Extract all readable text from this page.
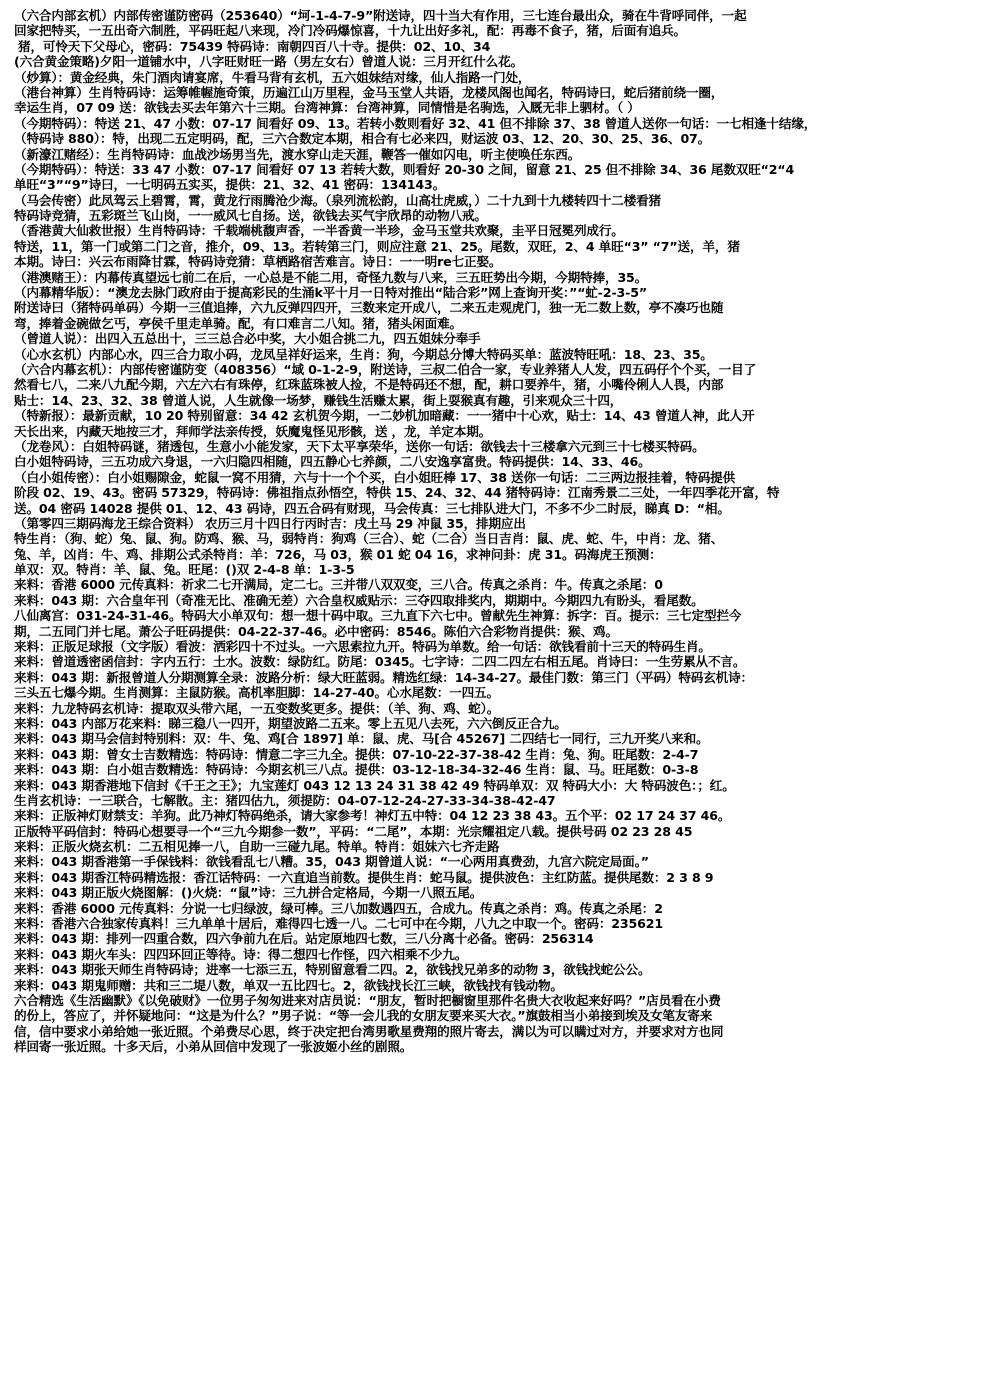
（六合内部玄机）内部传密谨防密码（253640）“坷-1-4-7-9”附送诗，四十当大有作用，三七连台最出众，骑在牛背呼同伴，一起
回家把特买，一五出奇六制胜，平码旺起八来现，冷门冷码爆惊喜，十九让出好多礼，配：再毒不食子，猪，后面有追兵。
猪，可怜天下父母心，密码：75439 特码诗：南朝四百八十寺。提供：02、10、34
(六合黄金策略)夕阳一道铺水中，八字旺财旺一路（男左女右）曾道人说：三月开红什么花。
（炒算）：黄金经典，朱门酒肉请宴席，牛看马背有玄机，五六姐妹结对缘，仙人指路一门处，
（港台神算）生肖特码诗：运筹帷幄施奇策，历遍江山万里程，金马玉堂人共语，龙楼凤阁也闻名，特码诗曰，蛇后猪前绕一圈，
幸运生肖，07 09 送：欲钱去买去年第六十三期。台湾神算：台湾神算，同情惜是名驹选，入厩无非上驷材。（ ）
（今期特码）：特送 21、47 小数：07-17 间看好 09、13。若转小数则看好 32、41 但不排除 37、38 曾道人送你一句话：一七相逢十结缘，
（特码诗 880）：特，出现二五定明码，配，三六合数定本期，相合有七必来四，财运波 03、12、20、30、25、36、07。
（新濠江赌经）：生肖特码诗：血战沙场男当先，渡水穿山走天涯，鞭答一催如闪电，听主使唤任东西。
（今期特码）：特送：33 47 小数：07-17 间看好 07 13 若转大数，则看好 20-30 之间，留意 21、25 但不排除 34、36 尾数双旺“2“4
单旺“3”“9”诗曰，一七明码五实买，提供：21、32、41 密码：134143。
（马会传密）此凤驾云上碧霄，霄，黄龙行雨腾沧少海。（泉列流松韵，山高壮虎威，）二十九到十九楼转四十二楼看猪
特码诗竞猜，五彩斑兰飞山岗，一一威风七自扬。送，欲钱去买气宇欣昂的动物八戒。
（香港黄大仙救世报）生肖特码诗：千载端桃馥声香，一半香黄一半珍，金马玉堂共欢聚，圭平日冠冕列成行。
特送，11，第一门或第二门之音，推介，09、13。若转第三门，则应注意 21、25。尾数，双旺，2、4 单旺“3” “7”送，羊，猪
本期。诗曰：兴云布雨降甘霖，特码诗竞猜：草栖路宿苦难言。诗日：一一明re七正娶。
（港澳赌王）：内幕传真望远七前二在后，一心总是不能二用，奇怪九数与八来，三五旺势出今期，今期特捧，35。
（内幕精华版）：“澳龙去脉门政府由于提高彩民的生涌k平十月一日特对推出“陆合彩”网上查询开奖：”“虻-2-3-5”
附送诗曰（猪特码单码）今期一三值追捧，六九反弹四四开，三数来定开成八，二来五走观虎门，独一无二数上数，亭不凑巧也随
弯，捧着金碗做乞丐，亭侯千里走单骑。配，有口难言二八知。猪，猪头闲面难。
（曾道人说）：出四入五总出十，三三总合必中奖，大小姐合挑二九，四五姐妹分奉手
（心水玄机）内部心水，四三合力取小码，龙凤呈祥好运来，生肖：狗，今期总分博大特码买单：蓝波特旺吼：18、23、35。
（六合内幕玄机）：内部传密谨防变（408356）“域 0-1-2-9，附送诗，三叔二伯合一家，专业养猪人人发，四五码仔个个买，一目了
然看七八，二来八九配今期，六左六右有珠停，红珠蓝珠被人捡，不是特码还不想，配，耕口要养牛，猪，小嘴伶俐人人畏，内部
贴士：14、23、32、38 曾道人说，人生就像一场梦，赚钱生活赚太累，街上耍猴真有趣，引来观众三十四，
（特新报）：最新贡献，10 20 特别留意：34 42 玄机贺今期，一二妙机加暗藏：一一猪中十心欢，贴士：14、43 曾道人神，此人开
天长出来，内藏天地按三才，拜师学法亲传授，妖魔鬼怪见形骸，送 ，龙，羊定本期。
（龙卷风）：白姐特码谜，猪透包，生意小小能发家，天下太平享荣华，送你一句话：欲钱去十三楼拿六元到三十七楼买特码。
白小姐特码诗，三五功成六身退，一六归隐四相随，四五静心七养颜，二八安逸享富贵。特码提供：14、33、46。
（白小姐传密）：白小姐赐隙金，蛇鼠一窝不用猜，六与十一个个买，白小姐旺棒 17、38 送你一句话：二三两边报挂着，特码提供
阶段 02、19、43。密码 57329，特码诗：佛祖指点孙悟空，特供 15、24、32、44 猪特码诗：江南秀景二三处，一年四季花开富，特
送。04 密码 14028 提供 01、12、43 码诗，四五合码有财现，马会传真：三七排队进大门，不多不少二时辰，睇真 D：“相。
（第零四三期码海龙王综合资料） 农历三月十四日行丙时吉：戌土马 29 冲鼠 35，排期应出
特生肖：（狗、蛇）兔、鼠、狗。防鸡、猴、马，弱特肖：狗鸡（三合）、蛇（二合）当日吉肖：鼠、虎、蛇、牛，中肖：龙、猪、
兔、羊，凶肖：牛、鸡、排期公式杀特肖：羊：726，马 03，猴 01 蛇 04 16，求神问卦：虎 31。码海虎王预测：
单双：双。特肖：羊、鼠、兔。旺尾：()双 2-4-8 单：1-3-5
来料：香港 6000 元传真料：祈求二七开满局，定二七。三并带八双双变，三八合。传真之杀肖：牛。传真之杀尾：0
来料：043 期：六合皇年刊（奇准无比、准确无差）六合皇权威贴示：三夺四取排奖内，期期中。今期四九有盼头，看尾数。
八仙离宫：031-24-31-46。特码大小单双句：想一想十码中取。三九直下六七中。曾献先生神算：拆字：百。提示：三七定型拦今
期，二五同门并七尾。萧公子旺码提供：04-22-37-46。必中密码：8546。陈伯六合彩物肖提供：猴、鸡。
来料：正版足球报（文字版）看波：洒彩四十不过头。一六思索拉九开。特码为单数。给一句话：欲钱看前十三天的特码生肖。
来料：曾道透密函信封：字内五行：土水。波数：绿防红。防尾：0345。七字诗：二四二四左右相五尾。肖诗曰：一生劳累从不言。
来料：043 期：新报曾道人分期测算全录：波路分析：绿大旺蓝弱。精选红绿：14-34-27。最佳门数：第三门（平码）特码玄机诗：
三头五七爆今期。生肖测算：主鼠防猴。高机率胆脚：14-27-40。心水尾数：一四五。
来料：九龙特码玄机诗：提取双头带六尾，一五变数奖更多。提供：（羊、狗、鸡、蛇）。
来料：043 内部万花来料：睇三稳八一四开，期望波路二五来。零上五见八去死，六六倒反正合九。
来料：043 期马会信封特别料：双：牛、兔、鸡[合 1897] 单：鼠、虎、马[合 45267] 二四结七一同行，三九开奖八来和。
来料：043 期：曾女士吉数精选：特码诗：情意二字三九全。提供：07-10-22-37-38-42 生肖：兔、狗。旺尾数：2-4-7
来料：043 期：白小姐吉数精选：特码诗：今期玄机三八点。提供：03-12-18-34-32-46 生肖：鼠、马。旺尾数：0-3-8
来料：043 期香港地下信封《千王之王》；九宝莲灯 043 12 13 24 31 38 42 49 特码单双：双 特码大小：大 特码波色：；红。
生肖玄机诗：一三联合，七解散。主：猪四估九，须提防：04-07-12-24-27-33-34-38-42-47
来料：正版神灯财禁支：羊狗。此乃神灯特码绝杀，请大家参考！神灯五中特：04 12 23 38 43。五个平：02 17 24 37 46。
正版特平码信封：特码心想要寻一个“三九今期参一数”，平码：“二尾”，本期：光宗耀祖定八载。提供号码 02 23 28 45
来料：正版火烧玄机：二五相见捧一八，自助一三碰九尾。特单。特肖：姐妹六七齐走路
来料：043 期香港第一手保钱料：欲钱看乱七八糟。35，043 期曾道人说：“一心两用真费劲，九宫六院定局面。”
来料：043 期香江特码精选报：香江话特码：一六直追当前数。提供生肖：蛇马鼠。提供波色：主红防蓝。提供尾数：2 3 8 9
来料：043 期正版火烧图解：()火烧：“鼠”诗：三九拼合定格局，今期一八照五尾。
来料：香港 6000 元传真料：分说一七归绿波，绿可棒。三八加数遇四五，合成九。传真之杀肖：鸡。传真之杀尾：2
来料：香港六合独家传真料！三九单单十居后，难得四七透一八。二七可中在今期，八九之中取一个。密码：235621
来料：043 期：排列一四重合数，四六争前九在后。站定原地四七数，三八分离十必备。密码：256314
来料：043 期火车头：四四环回正等待。诗：得二想四七作怪，四六相乘不少九。
来料：043 期张天师生肖特码诗；进率一七添三五，特别留意看二四。2，欲钱找兄弟多的动物 3，欲钱找蛇公公。
来料：043 期鬼师赠：共和三二堤八数，单双一五比四七。2，欲钱找长江三峡，欲钱找有钱动物。
六合精选《生活幽默》《以免破财》一位男子匆匆进来对店员说：“朋友，暂时把橱窗里那件名贵大衣收起来好吗？”店员看在小费
的份上，答应了，并怀疑地问：“这是为什么？”男子说：“等一会儿我的女朋友要来买大衣。”旗鼓相当小弟接到埃及女笔友寄来
信，信中要求小弟给她一张近照。个弟费尽心思，终于决定把台湾男歌星费翔的照片寄去，满以为可以瞒过对方，并要求对方也同
样回寄一张近照。十多天后，小弟从回信中发现了一张波姬小丝的剧照。
